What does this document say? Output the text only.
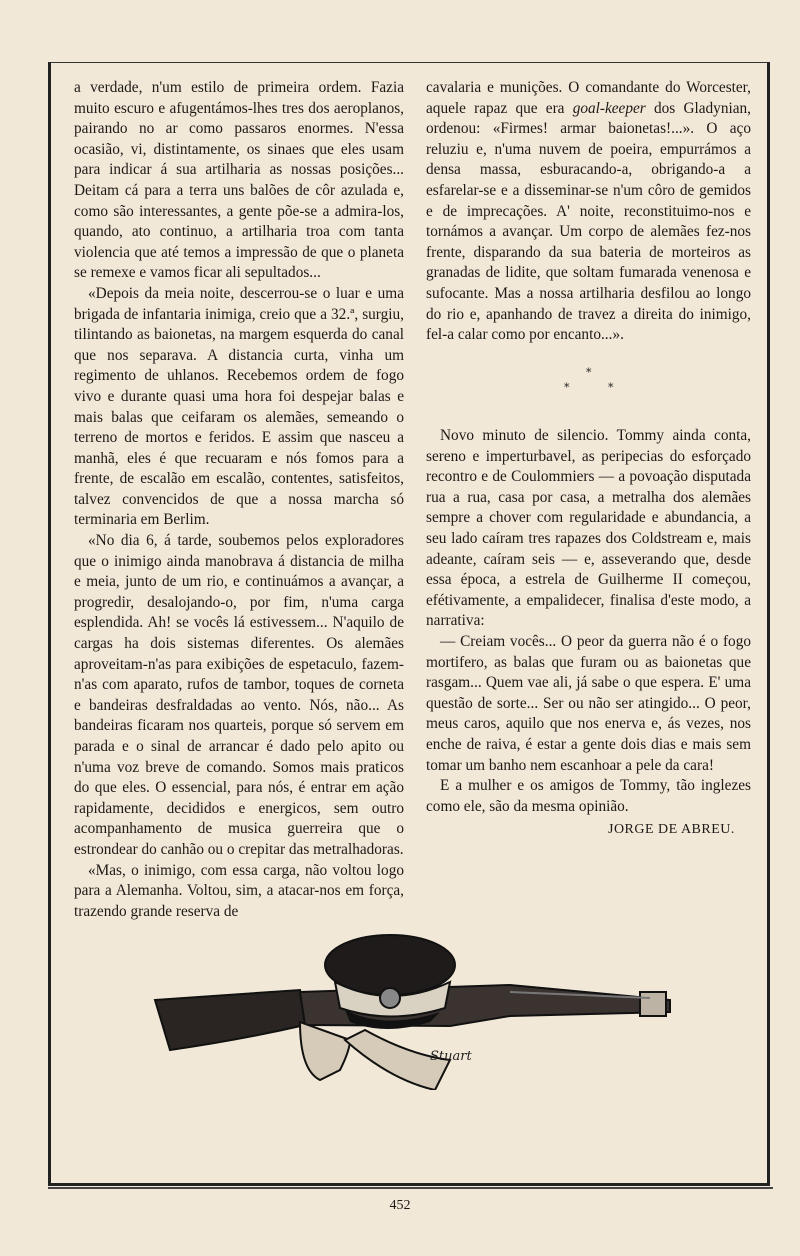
a verdade, n'um estilo de primeira ordem. Fazia muito escuro e afugentámos-lhes tres dos aeroplanos, pairando no ar como passaros enormes. N'essa ocasião, vi, distintamente, os sinaes que eles usam para indicar á sua artilharia as nossas posições... Deitam cá para a terra uns balões de côr azulada e, como são interessantes, a gente põe-se a admira-los, quando, ato continuo, a artilharia troa com tanta violencia que até temos a impressão de que o planeta se remexe e vamos ficar ali sepultados...

«Depois da meia noite, descerrou-se o luar e uma brigada de infantaria inimiga, creio que a 32.ª, surgiu, tilintando as baionetas, na margem esquerda do canal que nos separava. A distancia curta, vinha um regimento de uhlanos. Recebemos ordem de fogo vivo e durante quasi uma hora foi despejar balas e mais balas que ceifaram os alemães, semeando o terreno de mortos e feridos. E assim que nasceu a manhã, eles é que recuaram e nós fomos para a frente, de escalão em escalão, contentes, satisfeitos, talvez convencidos de que a nossa marcha só terminaria em Berlim.

«No dia 6, á tarde, soubemos pelos exploradores que o inimigo ainda manobrava á distancia de milha e meia, junto de um rio, e continuámos a avançar, a progredir, desalojando-o, por fim, n'uma carga esplendida. Ah! se vocês lá estivessem... N'aquilo de cargas ha dois sistemas diferentes. Os alemães aproveitam-n'as para exibições de espetaculo, fazem-n'as com aparato, rufos de tambor, toques de corneta e bandeiras desfraldadas ao vento. Nós, não... As bandeiras ficaram nos quarteis, porque só servem em parada e o sinal de arrancar é dado pelo apito ou n'uma voz breve de comando. Somos mais praticos do que eles. O essencial, para nós, é entrar em ação rapidamente, decididos e energicos, sem outro acompanhamento de musica guerreira que o estrondear do canhão ou o crepitar das metralhadoras.

«Mas, o inimigo, com essa carga, não voltou logo para a Alemanha. Voltou, sim, a atacar-nos em força, trazendo grande reserva de

cavalaria e munições. O comandante do Worcester, aquele rapaz que era goal-keeper dos Gladynian, ordenou: «Firmes! armar baionetas!...». O aço reluziu e, n'uma nuvem de poeira, empurrámos a densa massa, esburacando-a, obrigando-a a esfarelar-se e a disseminar-se n'um côro de gemidos e de imprecações. A' noite, reconstituimo-nos e tornámos a avançar. Um corpo de alemães fez-nos frente, disparando da sua bateria de morteiros as granadas de lidite, que soltam fumarada venenosa e sufocante. Mas a nossa artilharia desfilou ao longo do rio e, apanhando de travez a direita do inimigo, fel-a calar como por encanto...».

*
*	*

Novo minuto de silencio. Tommy ainda conta, sereno e imperturbavel, as peripecias do esforçado recontro e de Coulommiers — a povoação disputada rua a rua, casa por casa, a metralha dos alemães sempre a chover com regularidade e abundancia, a seu lado caíram tres rapazes dos Coldstream e, mais adeante, caíram seis — e, asseverando que, desde essa época, a estrela de Guilherme II começou, efétivamente, a empalidecer, finalisa d'este modo, a narrativa:

— Creiam vocês... O peor da guerra não é o fogo mortifero, as balas que furam ou as baionetas que rasgam... Quem vae ali, já sabe o que espera. E' uma questão de sorte... Ser ou não ser atingido... O peor, meus caros, aquilo que nos enerva e, ás vezes, nos enche de raiva, é estar a gente dois dias e mais sem tomar um banho nem escanhoar a pele da cara!

E a mulher e os amigos de Tommy, tão inglezes como ele, são da mesma opinião.

JORGE DE ABREU.
Stuart
452
